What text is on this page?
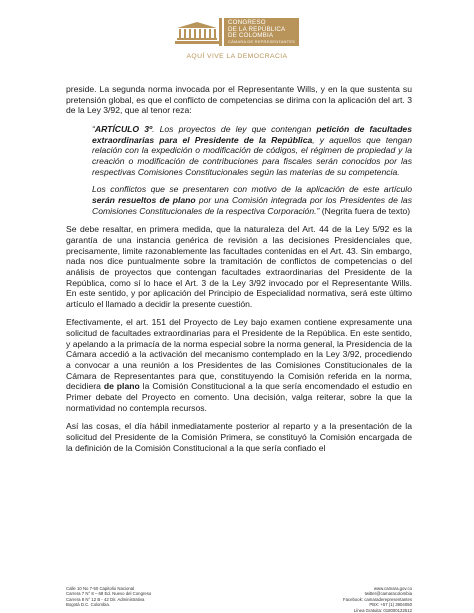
CONGRESO
DE LA REPÚBLICA
DE COLOMBIA
CÁMARA DE REPRESENTANTES
AQUÍ VIVE LA DEMOCRACIA

preside. La segunda norma invocada por el Representante Wills, y en la que sustenta su pretensión global, es que el conflicto de competencias se dirima con la aplicación del art. 3 de la Ley 3/92, que al tenor reza:

“ARTÍCULO 3º. Los proyectos de ley que contengan petición de facultades extraordinarias para el Presidente de la República, y aquellos que tengan relación con la expedición o modificación de códigos, el régimen de propiedad y la creación o modificación de contribuciones para fiscales serán conocidos por las respectivas Comisiones Constitucionales según las materias de su competencia.

Los conflictos que se presentaren con motivo de la aplicación de este artículo serán resueltos de plano por una Comisión integrada por los Presidentes de las Comisiones Constitucionales de la respectiva Corporación.” (Negrita fuera de texto)

Se debe resaltar, en primera medida, que la naturaleza del Art. 44 de la Ley 5/92 es la garantía de una instancia genérica de revisión a las decisiones Presidenciales que, precisamente, limite razonablemente las facultades contenidas en el Art. 43. Sin embargo, nada nos dice puntualmente sobre la tramitación de conflictos de competencias o del análisis de proyectos que contengan facultades extraordinarias del Presidente de la República, como sí lo hace el Art. 3 de la Ley 3/92 invocado por el Representante Wills. En este sentido, y por aplicación del Principio de Especialidad normativa, será este último artículo el llamado a decidir la presente cuestión.

Efectivamente, el art. 151 del Proyecto de Ley bajo examen contiene expresamente una solicitud de facultades extraordinarias para el Presidente de la República. En este sentido, y apelando a la primacía de la norma especial sobre la norma general, la Presidencia de la Cámara accedió a la activación del mecanismo contemplado en la Ley 3/92, procediendo a convocar a una reunión a los Presidentes de las Comisiones Constitucionales de la Cámara de Representantes para que, constituyendo la Comisión referida en la norma, decidiera de plano la Comisión Constitucional a la que sería encomendado el estudio en Primer debate del Proyecto en comento. Una decisión, valga reiterar, sobre la que la normatividad no contempla recursos.

Así las cosas, el día hábil inmediatamente posterior al reparto y a la presentación de la solicitud del Presidente de la Comisión Primera, se constituyó la Comisión encargada de la definición de la Comisión Constitucional a la que sería confiado el

Calle 10 No 7-50 Capitolio Nacional
Carrera 7 N° 8 – 68 Ed. Nuevo del Congreso
Carrera 8 N° 12 B - 42 Dir. Administrativa
Bogotá D.C. Colombia.
www.camara.gov.co
twitter@camaracolombia
Facebook: camaraderepresentantes
PBX: +57 (1) 3904050
Línea Gratuita: 018000122512
